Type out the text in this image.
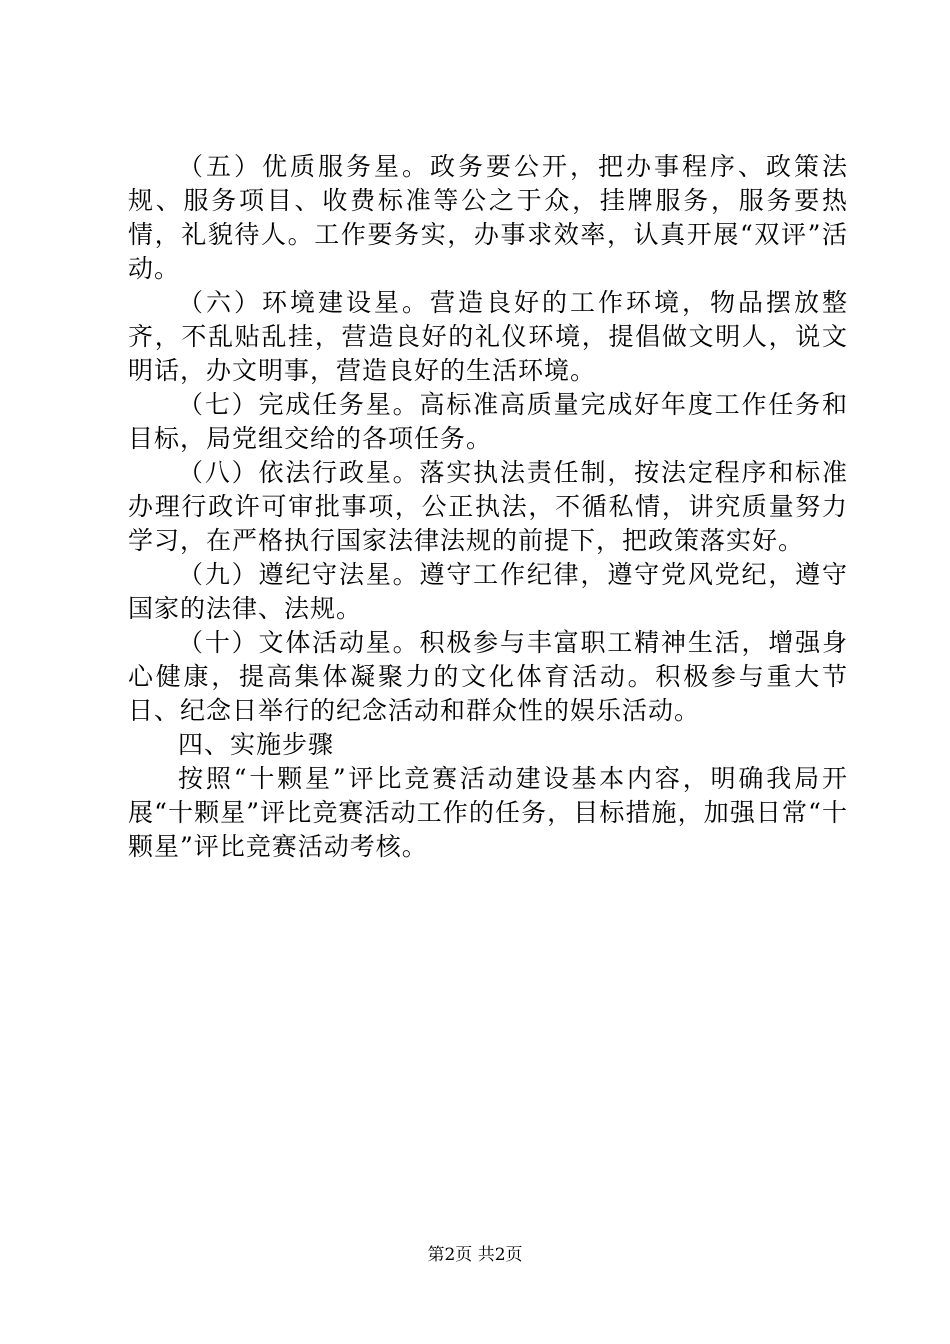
（五）优质服务星。政务要公开，把办事程序、政策法规、服务项目、收费标准等公之于众，挂牌服务，服务要热情，礼貌待人。工作要务实，办事求效率，认真开展“双评”活动。

（六）环境建设星。营造良好的工作环境，物品摆放整齐，不乱贴乱挂，营造良好的礼仪环境，提倡做文明人，说文明话，办文明事，营造良好的生活环境。

（七）完成任务星。高标准高质量完成好年度工作任务和目标，局党组交给的各项任务。

（八）依法行政星。落实执法责任制，按法定程序和标准办理行政许可审批事项，公正执法，不循私情，讲究质量努力学习，在严格执行国家法律法规的前提下，把政策落实好。

（九）遵纪守法星。遵守工作纪律，遵守党风党纪，遵守国家的法律、法规。

（十）文体活动星。积极参与丰富职工精神生活，增强身心健康，提高集体凝聚力的文化体育活动。积极参与重大节日、纪念日举行的纪念活动和群众性的娱乐活动。

四、实施步骤

按照“十颗星”评比竞赛活动建设基本内容，明确我局开展“十颗星”评比竞赛活动工作的任务，目标措施，加强日常“十颗星”评比竞赛活动考核。

第2页 共2页
